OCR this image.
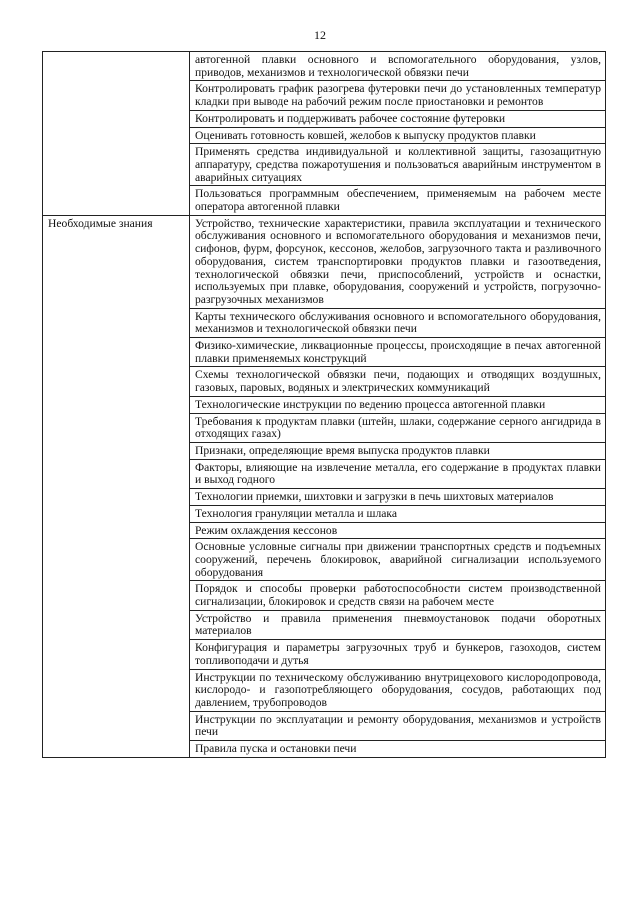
12
	автогенной плавки основного и вспомогательного оборудования, узлов, приводов, механизмов и технологической обвязки печи
	Контролировать график разогрева футеровки печи до установленных температур кладки при выводе на рабочий режим после приостановки и ремонтов
	Контролировать и поддерживать рабочее состояние футеровки
	Оценивать готовность ковшей, желобов к выпуску продуктов плавки
	Применять средства индивидуальной и коллективной защиты, газозащитную аппаратуру, средства пожаротушения и пользоваться аварийным инструментом в аварийных ситуациях
	Пользоваться программным обеспечением, применяемым на рабочем месте оператора автогенной плавки
Необходимые знания	Устройство, технические характеристики, правила эксплуатации и технического обслуживания основного и вспомогательного оборудования и механизмов печи, сифонов, фурм, форсунок, кессонов, желобов, загрузочного такта и разливочного оборудования, систем транспортировки продуктов плавки и газоотведения, технологической обвязки печи, приспособлений, устройств и оснастки, используемых при плавке, оборудования, сооружений и устройств, погрузочно-разгрузочных механизмов
	Карты технического обслуживания основного и вспомогательного оборудования, механизмов и технологической обвязки печи
	Физико-химические, ликвационные процессы, происходящие в печах автогенной плавки применяемых конструкций
	Схемы технологической обвязки печи, подающих и отводящих воздушных, газовых, паровых, водяных и электрических коммуникаций
	Технологические инструкции по ведению процесса автогенной плавки
	Требования к продуктам плавки (штейн, шлаки, содержание серного ангидрида в отходящих газах)
	Признаки, определяющие время выпуска продуктов плавки
	Факторы, влияющие на извлечение металла, его содержание в продуктах плавки и выход годного
	Технологии приемки, шихтовки и загрузки в печь шихтовых материалов
	Технология грануляции металла и шлака
	Режим охлаждения кессонов
	Основные условные сигналы при движении транспортных средств и подъемных сооружений, перечень блокировок, аварийной сигнализации используемого оборудования
	Порядок и способы проверки работоспособности систем производственной сигнализации, блокировок и средств связи на рабочем месте
	Устройство и правила применения пневмоустановок подачи оборотных материалов
	Конфигурация и параметры загрузочных труб и бункеров, газоходов, систем топливоподачи и дутья
	Инструкции по техническому обслуживанию внутрицехового кислородопровода, кислородо- и газопотребляющего оборудования, сосудов, работающих под давлением, трубопроводов
	Инструкции по эксплуатации и ремонту оборудования, механизмов и устройств печи
	Правила пуска и остановки печи
